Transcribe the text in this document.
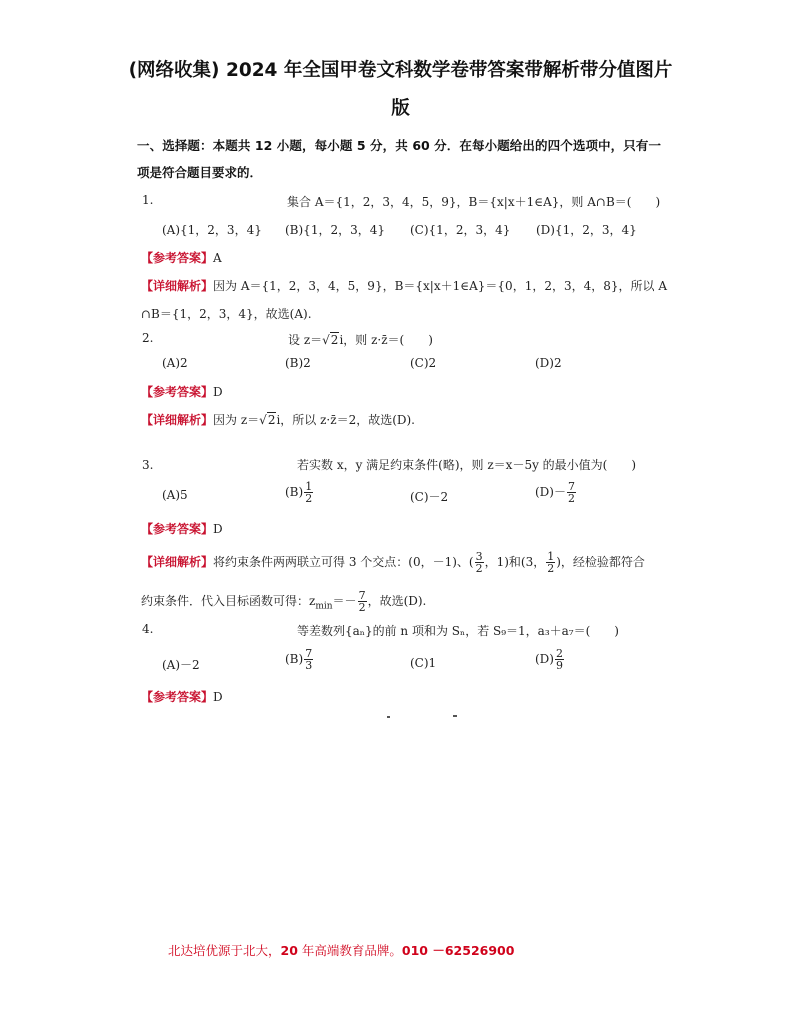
(网络收集) 2024 年全国甲卷文科数学卷带答案带解析带分值图片
版
一、选择题：本题共 12 小题，每小题 5 分，共 60 分．在每小题给出的四个选项中，只有一项是符合题目要求的．
1.	集合 A＝{1，2，3，4，5，9}，B＝{x|x＋1∈A}，则 A∩B＝(　　)
(A){1，2，3，4} (B){1，2，3，4} (C){1，2，3，4} (D){1，2，3，4}
【参考答案】A
【详细解析】因为 A＝{1，2，3，4，5，9}，B＝{x|x＋1∈A}＝{0，1，2，3，4，8}，所以 A
∩B＝{1，2，3，4}，故选(A).
2.	设 z＝√2i，则 z·z̄＝(　　)
(A)2	(B)2	(C)2	(D)2
【参考答案】D
【详细解析】因为 z＝√2i，所以 z·z̄＝2，故选(D).
3.	若实数 x，y 满足约束条件(略)，则 z＝x－5y 的最小值为(　　)
(A)5	$(B) \frac{1}{2}$	(C)－2	$(D)- \frac{7}{2}$
【参考答案】D
【详细解析】将约束条件两两联立可得 3 个交点：(0，－1)、( $\frac{3}{2}$ ，1)和(3， $\frac{1}{2}$ )，经检验都符合
约束条件．代入目标函数可得：$z_{min}=- \frac{7}{2}$ ，故选(D).
4.	等差数列{aₙ}的前 n 项和为 Sₙ，若 S₉＝1，a₃＋a₇＝(　　)
(A)－2	$(B) \frac{7}{3}$	(C)1	$(D) \frac{2}{9}$
【参考答案】D
北达培优源于北大，20 年高端教育品牌。010 －62526900
